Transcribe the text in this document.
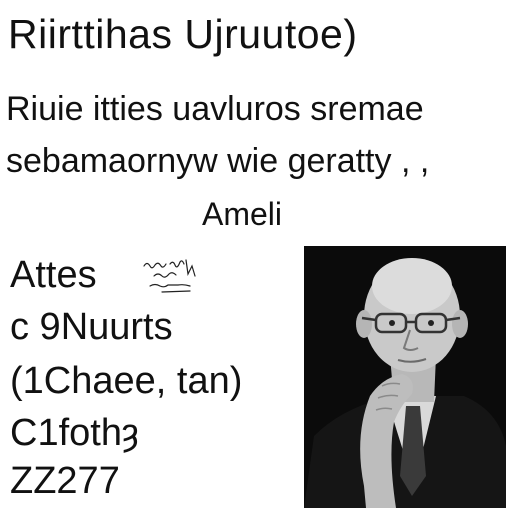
Riirttihas Ujruutoe)
Riuie itties uavluros sremae
sebamaornyw wie geratty , ,
Ameli
Attes
c 9Nuurts
(1Chaee, tan)
C1fothȝ
ZZ277
